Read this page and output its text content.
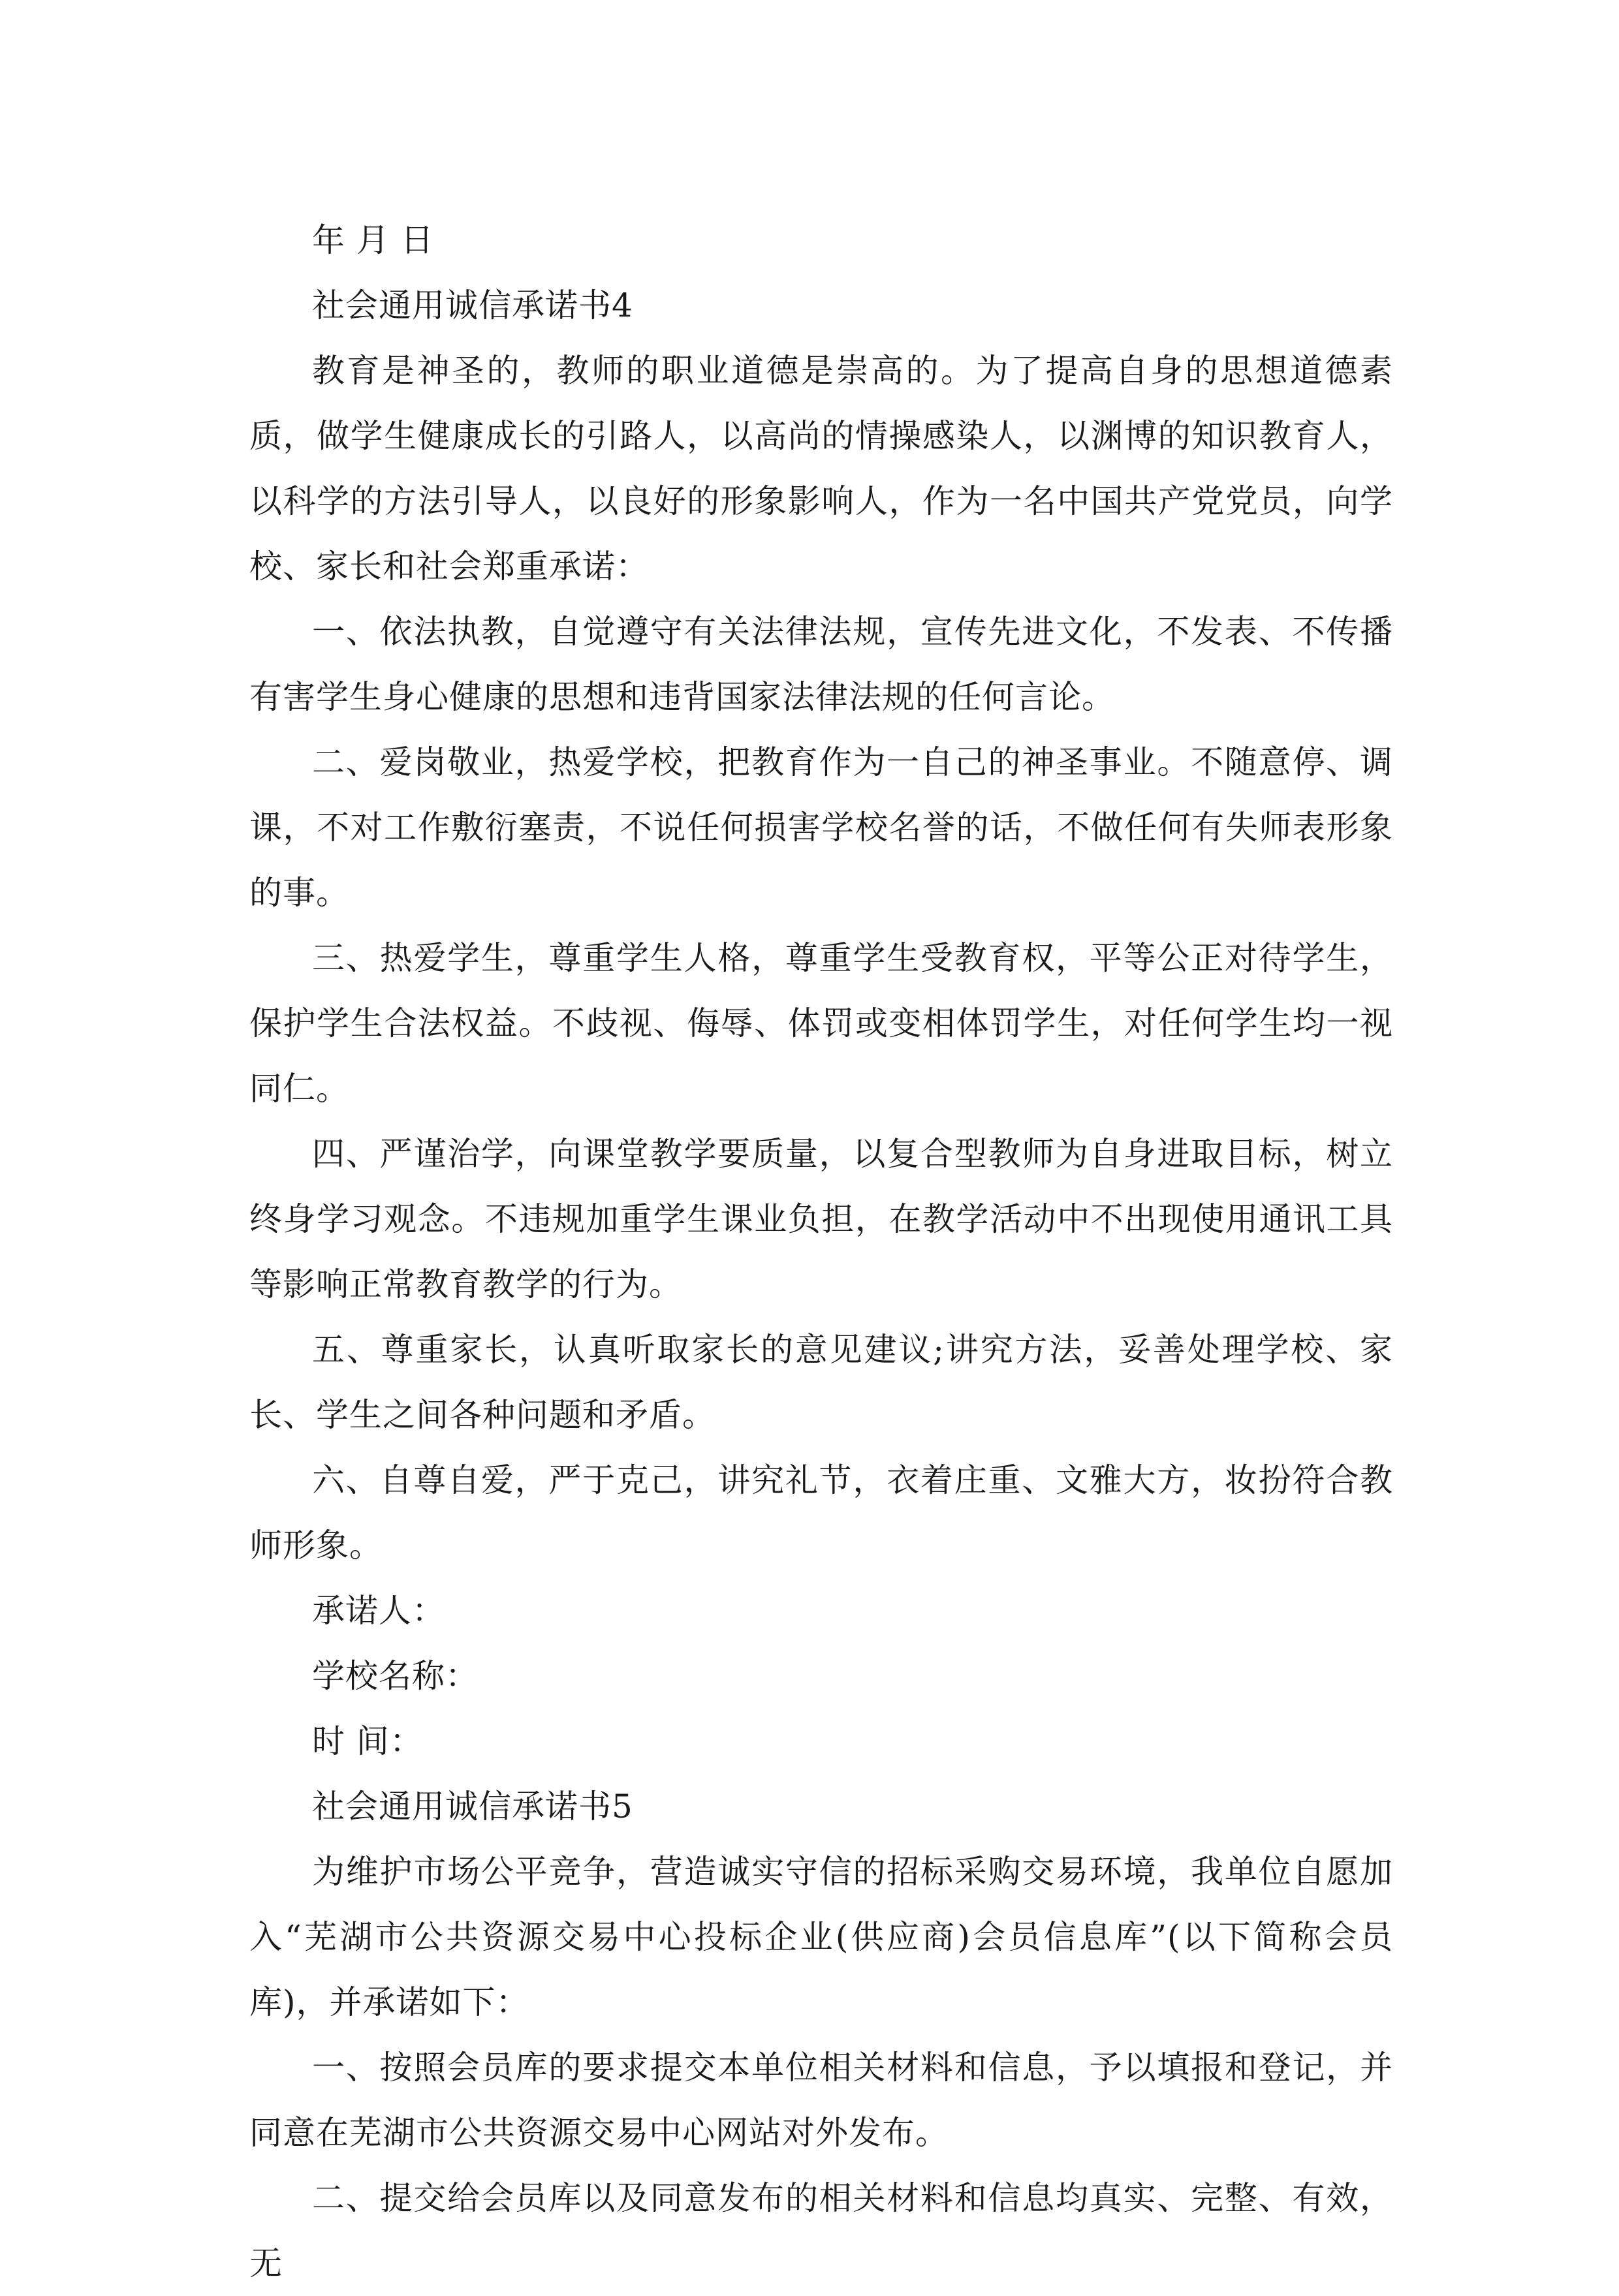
年 月 日
社会通用诚信承诺书4
教育是神圣的，教师的职业道德是崇高的。为了提高自身的思想道德素质，做学生健康成长的引路人，以高尚的情操感染人，以渊博的知识教育人，以科学的方法引导人，以良好的形象影响人，作为一名中国共产党党员，向学校、家长和社会郑重承诺：
一、依法执教，自觉遵守有关法律法规，宣传先进文化，不发表、不传播有害学生身心健康的思想和违背国家法律法规的任何言论。
二、爱岗敬业，热爱学校，把教育作为一自己的神圣事业。不随意停、调课，不对工作敷衍塞责，不说任何损害学校名誉的话，不做任何有失师表形象的事。
三、热爱学生，尊重学生人格，尊重学生受教育权，平等公正对待学生，保护学生合法权益。不歧视、侮辱、体罚或变相体罚学生，对任何学生均一视同仁。
四、严谨治学，向课堂教学要质量，以复合型教师为自身进取目标，树立终身学习观念。不违规加重学生课业负担，在教学活动中不出现使用通讯工具等影响正常教育教学的行为。
五、尊重家长，认真听取家长的意见建议;讲究方法，妥善处理学校、家长、学生之间各种问题和矛盾。
六、自尊自爱，严于克己，讲究礼节，衣着庄重、文雅大方，妆扮符合教师形象。
承诺人：
学校名称：
时 间：
社会通用诚信承诺书5
为维护市场公平竞争，营造诚实守信的招标采购交易环境，我单位自愿加入“芜湖市公共资源交易中心投标企业(供应商)会员信息库”(以下简称会员库)，并承诺如下：
一、按照会员库的要求提交本单位相关材料和信息，予以填报和登记，并同意在芜湖市公共资源交易中心网站对外发布。
二、提交给会员库以及同意发布的相关材料和信息均真实、完整、有效，无
